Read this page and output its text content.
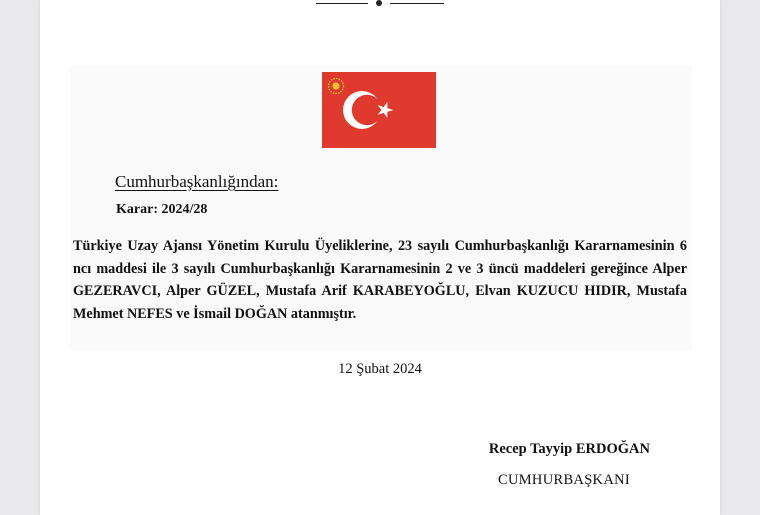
Cumhurbaşkanlığından:
Karar: 2024/28
Türkiye Uzay Ajansı Yönetim Kurulu Üyeliklerine, 23 sayılı Cumhurbaşkanlığı Kararnamesinin 6 ncı maddesi ile 3 sayılı Cumhurbaşkanlığı Kararnamesinin 2 ve 3 üncü maddeleri gereğince Alper GEZERAVCI, Alper GÜZEL, Mustafa Arif KARABEYOĞLU, Elvan KUZUCU HIDIR, Mustafa Mehmet NEFES ve İsmail DOĞAN atanmıştır.
12 Şubat 2024
Recep Tayyip ERDOĞAN
CUMHURBAŞKANI
